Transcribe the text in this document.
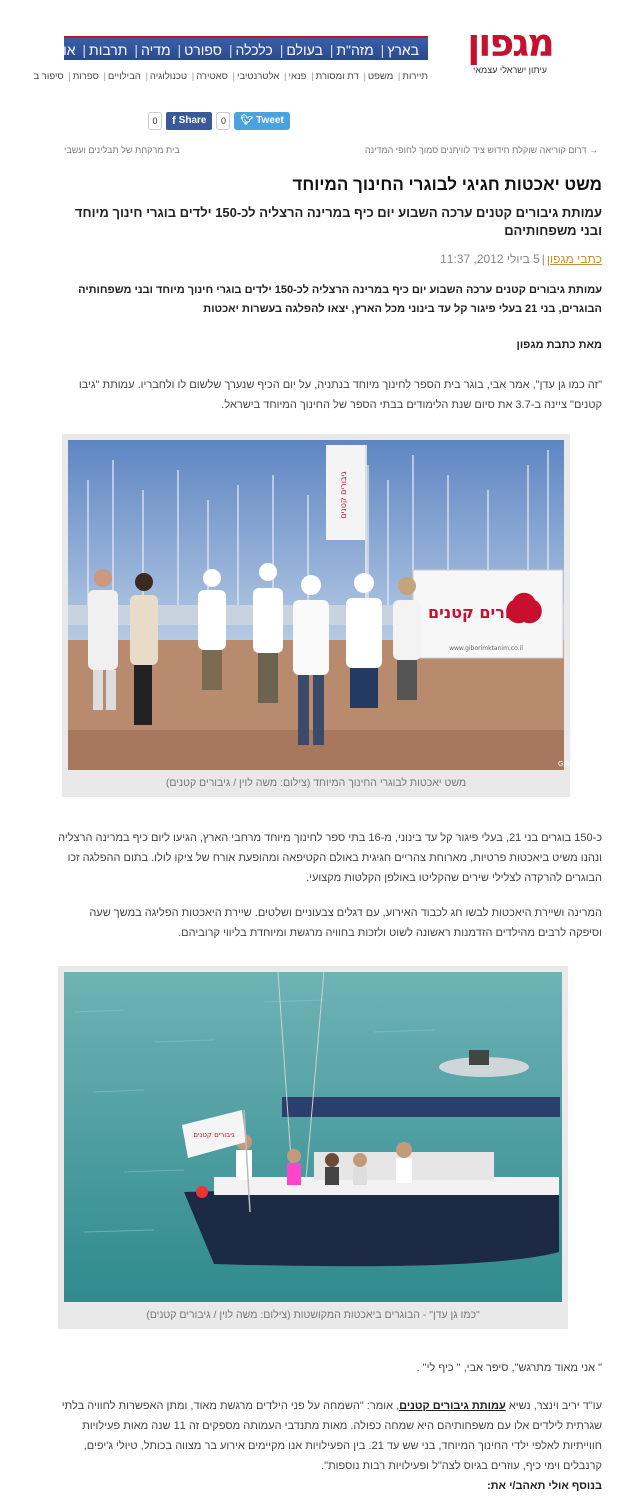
מגפון
עיתון ישראלי עצמאי
בארץ| מזה"ת| בעולם| כלכלה| ספורט| מדיה| תרבות| או
תיירות| משפט| דת ומסורת| פנאי| אלטרנטיבי| סאטירה| טכנולוגיה| הבילויים| ספרות| סיפור ב
🐦︎ Tweet
0
f Share
0
→ דרום קוריאה שוקלת חידוש ציד לוויתנים סמוך לחופי המדינה
בית מרקחת של תבלינים ועשבי
משט יאכטות חגיגי לבוגרי החינוך המיוחד
עמותת גיבורים קטנים ערכה השבוע יום כיף במרינה הרצליה לכ-150 ילדים בוגרי חינוך מיוחד ובני משפחותיהם
כתבי מגפון|5 ביולי 2012, 11:37

עמותת גיבורים קטנים ערכה השבוע יום כיף במרינה הרצליה לכ-150 ילדים בוגרי חינוך מיוחד ובני משפחותיה הבוגרים, בני 21 בעלי פיגור קל עד בינוני מכל הארץ, יצאו להפלגה בעשרות יאכטות

מאת כתבת מגפון

"זה כמו גן עדן", אמר אבי, בוגר בית הספר לחינוך מיוחד בנתניה, על יום הכיף שנערך שלשום לו ולחבריו. עמותת "גיבו קטנים" ציינה ב-3.7 את סיום שנת הלימודים בבתי הספר של החינוך המיוחד בישראל.

גיבורים קטנים
גיבורים קטנים
www.giborimktanim.co.il
Gibb
משט יאכטות לבוגרי החינוך המיוחד (צילום: משה לוין / גיבורים קטנים)

כ-150 בוגרים בני 21, בעלי פיגור קל עד בינוני, מ-16 בתי ספר לחינוך מיוחד מרחבי הארץ, הגיעו ליום כיף במרינה הרצליה ונהנו משיט ביאכטות פרטיות, מארוחת צהריים חגיגית באולם הקטיפאה ומהופעת אורח של ציקו לולו. בתום ההפלגה זכו הבוגרים להרקדה לצלילי שירים שהקליטו באולפן הקלטות מקצועי.

המרינה ושיירת היאכטות לבשו חג לכבוד האירוע, עם דגלים צבעוניים ושלטים. שיירת היאכטות הפליגה במשך שעה וסיפקה לרבים מהילדים הזדמנות ראשונה לשוט ולזכות בחוויה מרגשת ומיוחדת בליווי קרוביהם.

גיבורים קטנים
"כמו גן עדן" - הבוגרים ביאכטות המקושטות (צילום: משה לוין / גיבורים קטנים)

" אני מאוד מתרגש", סיפר אבי, " כיף לי" .

עו"ד יריב וינצר, נשיא עמותת גיבורים קטנים, אומר: "השמחה על פני הילדים מרגשת מאוד, ומתן האפשרות לחוויה בלתי שגרתית לילדים אלו עם משפחותיהם היא שמחה כפולה. מאות מתנדבי העמותה מספקים זה 11 שנה מאות פעילויות חווייתיות לאלפי ילדי החינוך המיוחד, בני שש עד 21. בין הפעילויות אנו מקיימים אירוע בר מצווה בכותל, טיולי ג'יפים, קרנבלים וימי כיף, עוזרים בגיוס לצה"ל ופעילויות רבות נוספות".

בנוסף אולי תאהב/י את:
